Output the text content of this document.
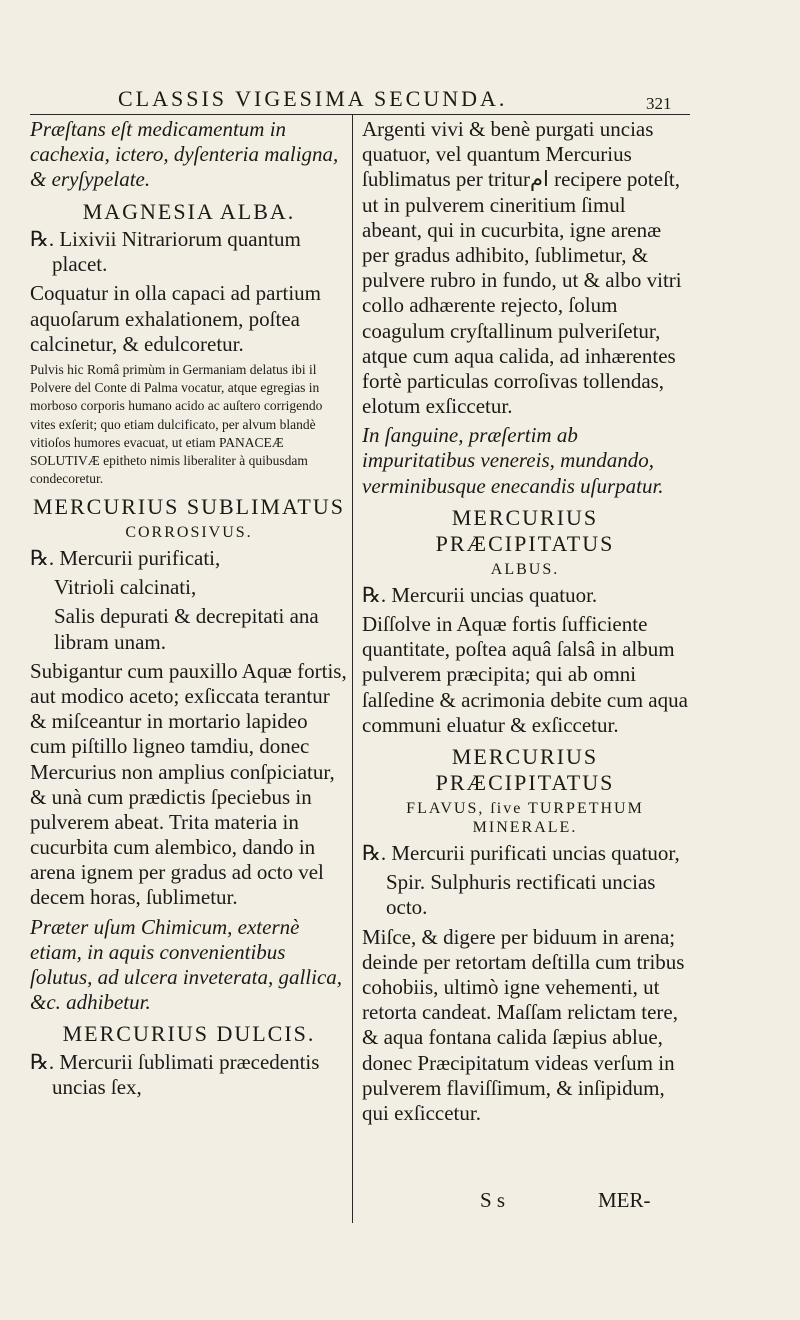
CLASSIS VIGESIMA SECUNDA.	321

Præſtans eſt medicamentum in cachexia, ictero, dyſenteria maligna, & eryſypelate.

MAGNESIA ALBA.

℞. Lixivii Nitrariorum quantum placet.

Coquatur in olla capaci ad partium aquoſarum exhalationem, poſtea calcinetur, & edulcoretur.

Pulvis hic Româ primùm in Germaniam delatus ibi il Polvere del Conte di Palma vocatur, atque egregias in morboso corporis humano acido ac auſtero corrigendo vites exſerit; quo etiam dulcificato, per alvum blandè vitioſos humores evacuat, ut etiam PANACEÆ SOLUTIVÆ epitheto nimis liberaliter à quibusdam condecoretur.

MERCURIUS SUBLIMATUS

CORROSIVUS.

℞. Mercurii purificati,

Vitrioli calcinati,

Salis depurati & decrepitati ana libram unam.

Subigantur cum pauxillo Aquæ fortis, aut modico aceto; exſiccata terantur & miſceantur in mortario lapideo cum piſtillo ligneo tamdiu, donec Mercurius non amplius conſpiciatur, & unà cum prædictis ſpeciebus in pulverem abeat. Trita materia in cucurbita cum alembico, dando in arena ignem per gradus ad octo vel decem horas, ſublimetur.

Præter uſum Chimicum, externè etiam, in aquis convenientibus ſolutus, ad ulcera inveterata, gallica, &c. adhibetur.

MERCURIUS DULCIS.

℞. Mercurii ſublimati præcedentis uncias ſex,

Argenti vivi & benè purgati uncias quatuor, vel quantum Mercurius ſublimatus per triturام recipere poteſt, ut in pulverem cineritium ſimul abeant, qui in cucurbita, igne arenæ per gradus adhibito, ſublimetur, & pulvere rubro in fundo, ut & albo vitri collo adhærente rejecto, ſolum coagulum cryſtallinum pulveriſetur, atque cum aqua calida, ad inhærentes fortè particulas corroſivas tollendas, elotum exſiccetur.

In ſanguine, præſertim ab impuritatibus venereis, mundando, verminibusque enecandis uſurpatur.

MERCURIUS PRÆCIPITATUS

ALBUS.

℞. Mercurii uncias quatuor.

Diſſolve in Aquæ fortis ſufficiente quantitate, poſtea aquâ ſalsâ in album pulverem præcipita; qui ab omni ſalſedine & acrimonia debite cum aqua communi eluatur & exſiccetur.

MERCURIUS PRÆCIPITATUS

FLAVUS, ſive TURPETHUM MINERALE.

℞. Mercurii purificati uncias quatuor,

Spir. Sulphuris rectificati uncias octo.

Miſce, & digere per biduum in arena; deinde per retortam deſtilla cum tribus cohobiis, ultimò igne vehementi, ut retorta candeat. Maſſam relictam tere, & aqua fontana calida ſæpius ablue, donec Præcipitatum videas verſum in pulverem flaviſſimum, & inſipidum, qui exſiccetur.

S s	MER-
